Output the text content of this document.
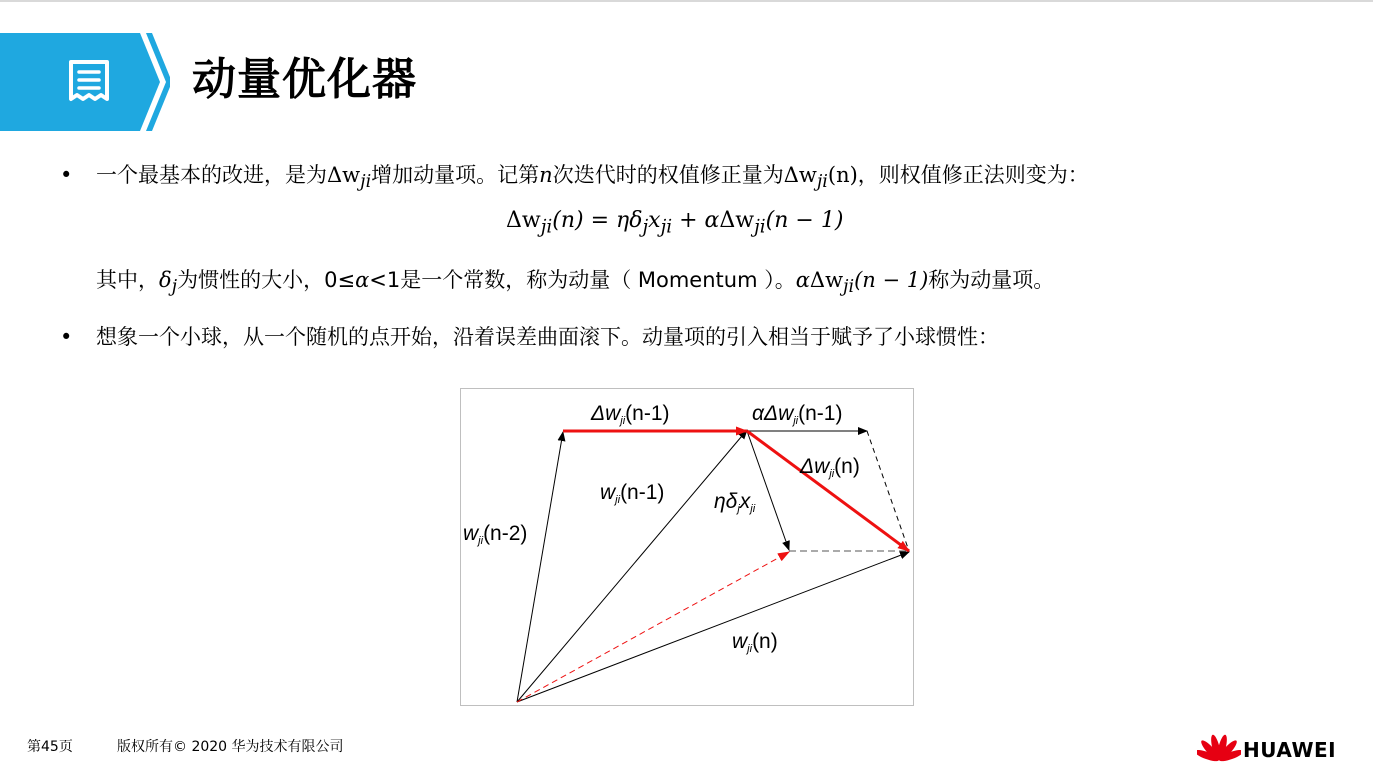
动量优化器
•	一个最基本的改进，是为$\Delta w_{ji}$增加动量项。记第n次迭代时的权值修正量为$\Delta w_{ji}(n)$，则权值修正法则变为：
$\Delta w_{ji}(n) = \eta\delta_jx_{ji} + \alpha\Delta w_{ji}(n - 1)$
其中，$\delta_j$为惯性的大小，0≤α<1是一个常数，称为动量（ Momentum ）。αΔw$_{ji}$(n − 1)称为动量项。
•	想象一个小球，从一个随机的点开始，沿着误差曲面滚下。动量项的引入相当于赋予了小球惯性：
Δwji(n-1)	αΔwji(n-1)
Δwji(n)
wji(n-1) ηδjxji
wji(n-2)
wji(n)
第45页	版权所有© 2020 华为技术有限公司	HUAWEI
